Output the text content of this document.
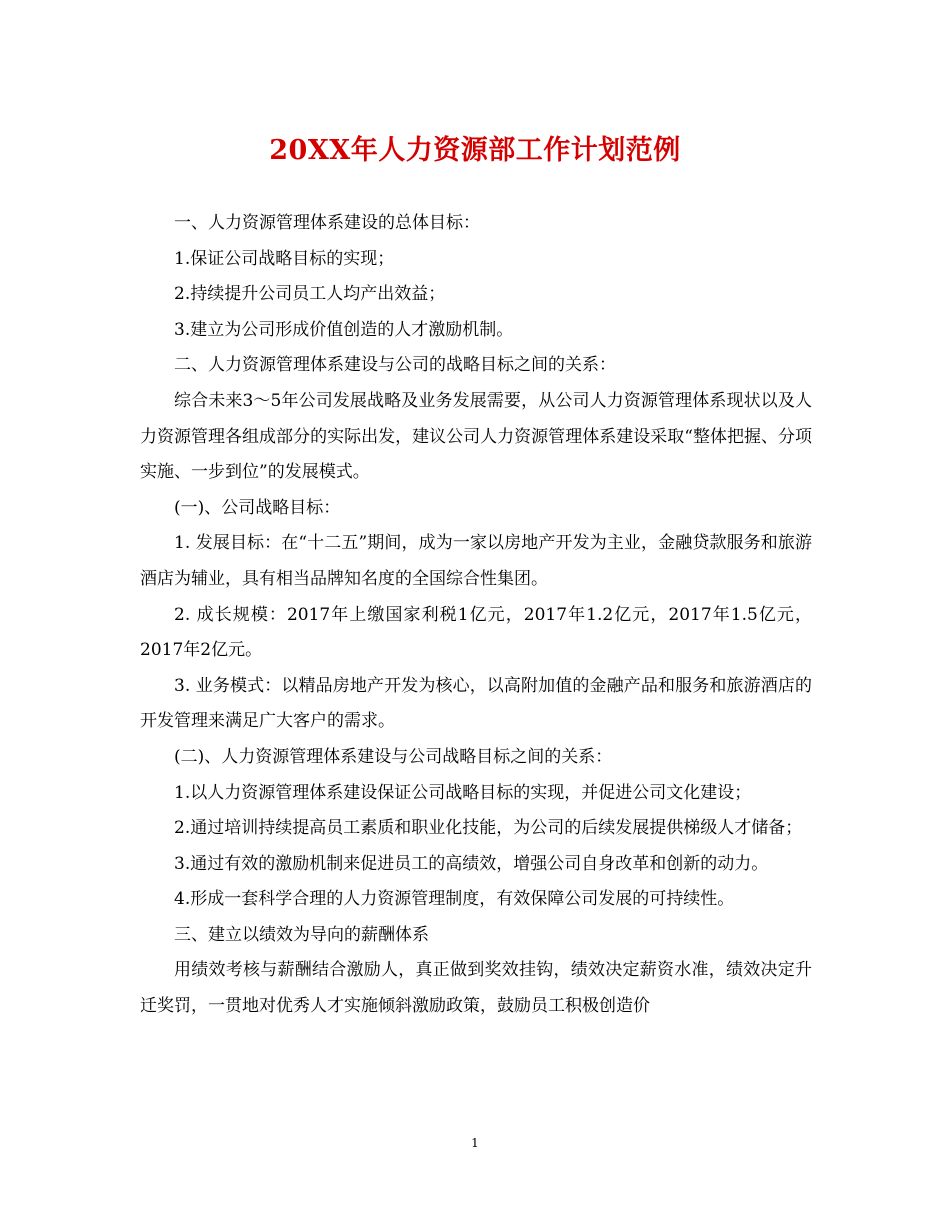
20XX年人力资源部工作计划范例

一、人力资源管理体系建设的总体目标：

1.保证公司战略目标的实现；

2.持续提升公司员工人均产出效益；

3.建立为公司形成价值创造的人才激励机制。

二、人力资源管理体系建设与公司的战略目标之间的关系：

综合未来3～5年公司发展战略及业务发展需要，从公司人力资源管理体系现状以及人力资源管理各组成部分的实际出发，建议公司人力资源管理体系建设采取“整体把握、分项实施、一步到位”的发展模式。

(一)、公司战略目标：

1. 发展目标：在“十二五”期间，成为一家以房地产开发为主业，金融贷款服务和旅游酒店为辅业，具有相当品牌知名度的全国综合性集团。

2. 成长规模：2017年上缴国家利税1亿元，2017年1.2亿元，2017年1.5亿元，2017年2亿元。

3. 业务模式：以精品房地产开发为核心，以高附加值的金融产品和服务和旅游酒店的开发管理来满足广大客户的需求。

(二)、人力资源管理体系建设与公司战略目标之间的关系：

1.以人力资源管理体系建设保证公司战略目标的实现，并促进公司文化建设；

2.通过培训持续提高员工素质和职业化技能，为公司的后续发展提供梯级人才储备；

3.通过有效的激励机制来促进员工的高绩效，增强公司自身改革和创新的动力。

4.形成一套科学合理的人力资源管理制度，有效保障公司发展的可持续性。

三、建立以绩效为导向的薪酬体系

用绩效考核与薪酬结合激励人，真正做到奖效挂钩，绩效决定薪资水准，绩效决定升迁奖罚，一贯地对优秀人才实施倾斜激励政策，鼓励员工积极创造价

1
